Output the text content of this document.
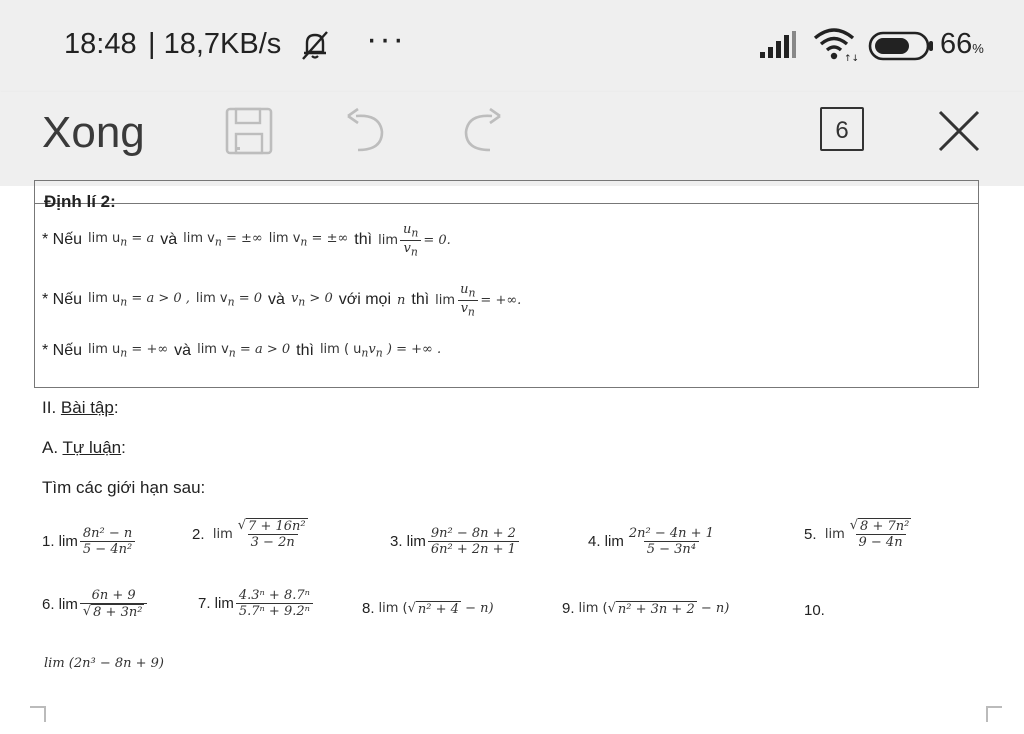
18:48 | 18,7KB/s ···
↑↓	66%
Xong	6
Định lí 2:
* Nếu $\lim u_n = a$ và $\lim v_n$ = ±∞ $\lim v_n$ = ±∞ thì $\lim \frac{u_n}{v_n} = 0$.
* Nếu $\lim u_n = a > 0$ , $\lim v_n = 0$ và $v_n > 0$ với mọi n thì $\lim \frac{u_n}{v_n}$ = +∞.
* Nếu $\lim u_n$ = +∞ và $\lim v_n = a > 0$ thì lim ( $u_nv_n$ ) = +∞ .
II. Bài tập:
A. Tự luận:
Tìm các giới hạn sau:
1. $\lim \frac{\text{8n² − n}}{\text{5 − 4n²}}$	2.
$\lim \frac{\text{√ 7 + 16n²}}{3 - 2n}$	3. $\lim \frac{\text{9n² − 8n + 2}}{\text{6n² + 2n + 1}}$	4. $\lim \frac{\text{2n² − 4n + 1}}{\text{5 − 3n⁴}}$	5.
$\lim \frac{\text{√ 8 + 7n²}}{9 - 4n}$
6. $\lim \frac{6n + 9}{\text{√ 8 + 3n²}}$	7. $\lim \frac{\text{4.3ⁿ + 8.7ⁿ}}{\text{5.7ⁿ + 9.2ⁿ}}$	8. lim ( √ n² + 4
− n)	9. lim ( √ n² + 3n + 2
− n)	10.
lim (2n³ − 8n + 9)
